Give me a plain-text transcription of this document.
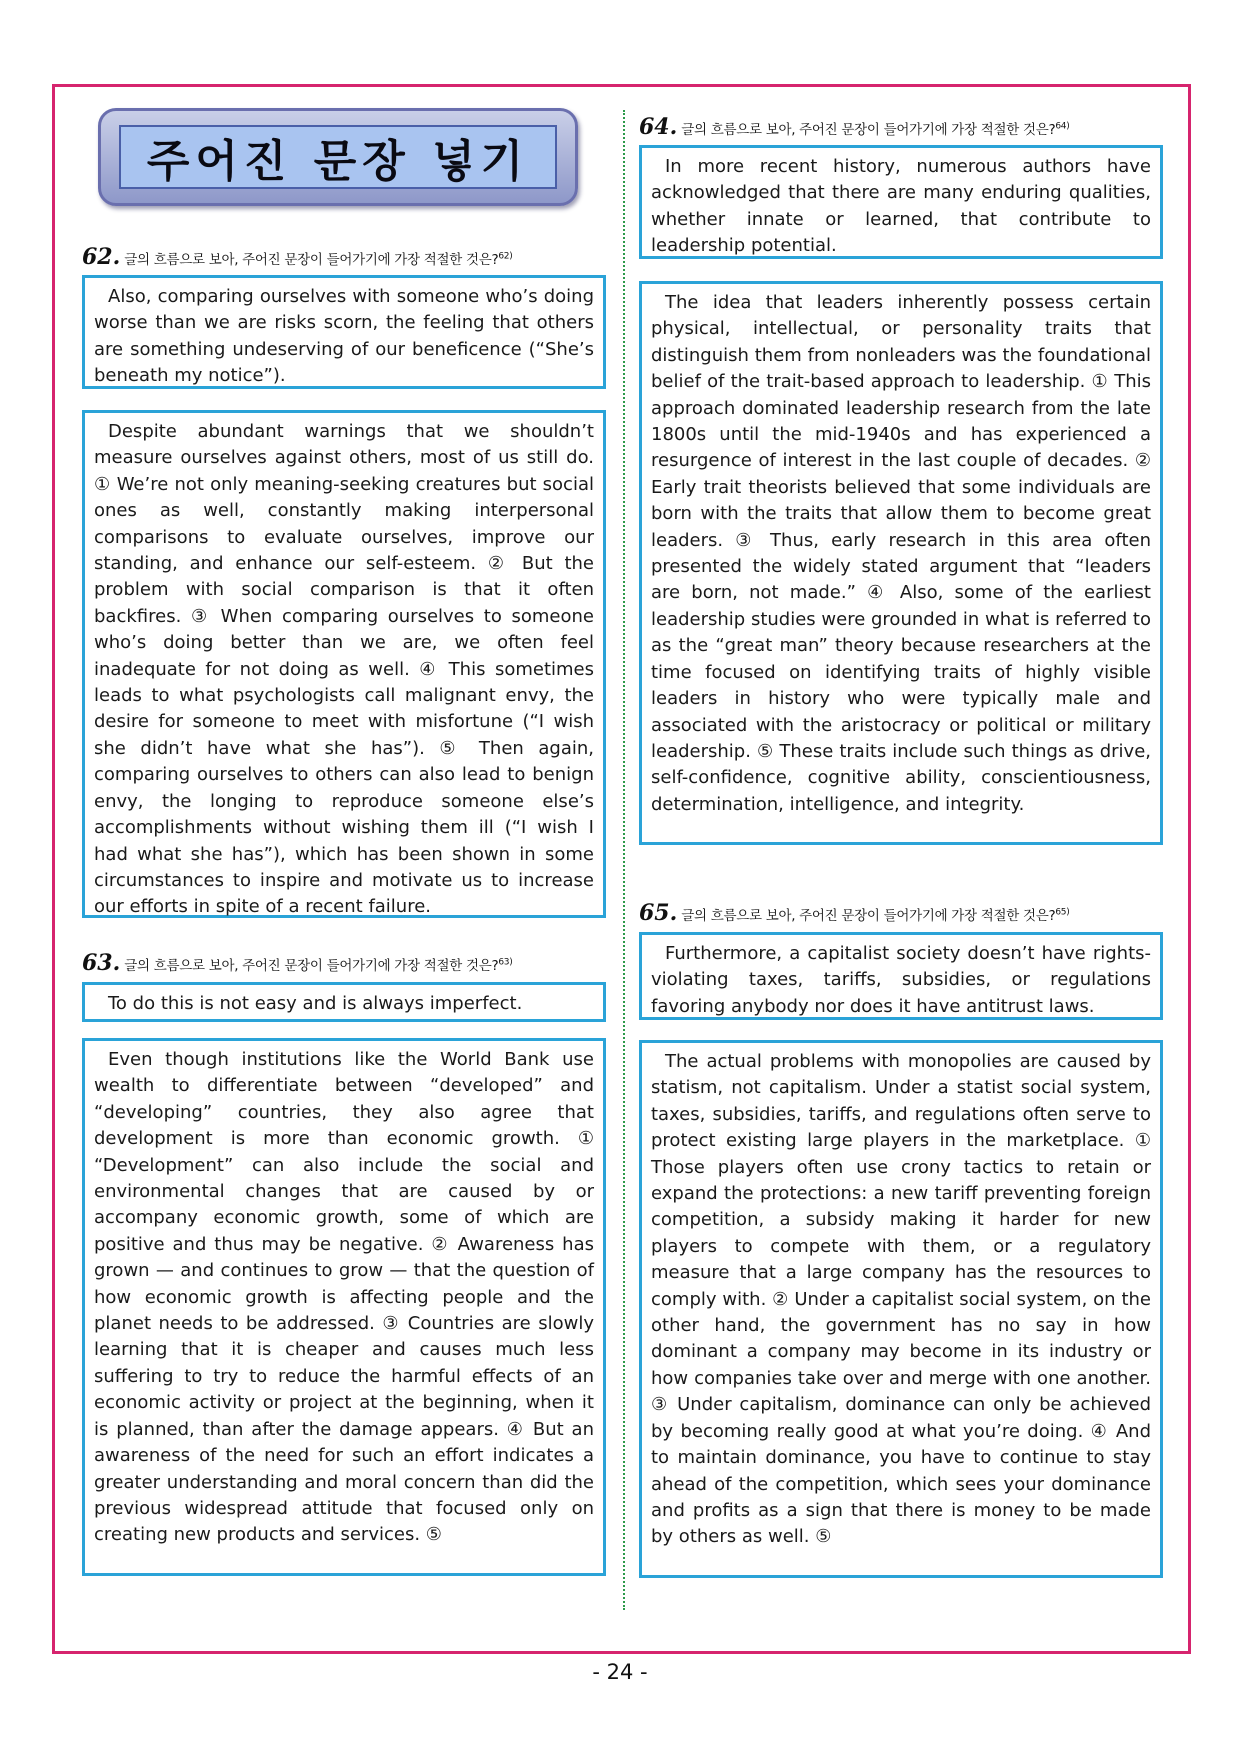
주어진 문장 넣기
62. 글의 흐름으로 보아, 주어진 문장이 들어가기에 가장 적절한 것은?$^{62)}$

Also, comparing ourselves with someone who’s doing worse than we are risks scorn, the feeling that others are something undeserving of our beneficence (“She’s beneath my notice”).

Despite abundant warnings that we shouldn’t measure ourselves against others, most of us still do. ① We’re not only meaning-seeking creatures but social ones as well, constantly making interpersonal comparisons to evaluate ourselves, improve our standing, and enhance our self-esteem. ② But the problem with social comparison is that it often backfires. ③ When comparing ourselves to someone who’s doing better than we are, we often feel inadequate for not doing as well. ④ This sometimes leads to what psychologists call malignant envy, the desire for someone to meet with misfortune (“I wish she didn’t have what she has”). ⑤ Then again, comparing ourselves to others can also lead to benign envy, the longing to reproduce someone else’s accomplishments without wishing them ill (“I wish I had what she has”), which has been shown in some circumstances to inspire and motivate us to increase our efforts in spite of a recent failure.

63. 글의 흐름으로 보아, 주어진 문장이 들어가기에 가장 적절한 것은?$^{63)}$

To do this is not easy and is always imperfect.

Even though institutions like the World Bank use wealth to differentiate between “developed” and “developing” countries, they also agree that development is more than economic growth. ① “Development” can also include the social and environmental changes that are caused by or accompany economic growth, some of which are positive and thus may be negative. ② Awareness has grown — and continues to grow — that the question of how economic growth is affecting people and the planet needs to be addressed. ③ Countries are slowly learning that it is cheaper and causes much less suffering to try to reduce the harmful effects of an economic activity or project at the beginning, when it is planned, than after the damage appears. ④ But an awareness of the need for such an effort indicates a greater understanding and moral concern than did the previous widespread attitude that focused only on creating new products and services. ⑤

64. 글의 흐름으로 보아, 주어진 문장이 들어가기에 가장 적절한 것은?$^{64)}$

In more recent history, numerous authors have acknowledged that there are many enduring qualities, whether innate or learned, that contribute to leadership potential.

The idea that leaders inherently possess certain physical, intellectual, or personality traits that distinguish them from nonleaders was the foundational belief of the trait-based approach to leadership. ① This approach dominated leadership research from the late 1800s until the mid-1940s and has experienced a resurgence of interest in the last couple of decades. ② Early trait theorists believed that some individuals are born with the traits that allow them to become great leaders. ③ Thus, early research in this area often presented the widely stated argument that “leaders are born, not made.” ④ Also, some of the earliest leadership studies were grounded in what is referred to as the “great man” theory because researchers at the time focused on identifying traits of highly visible leaders in history who were typically male and associated with the aristocracy or political or military leadership. ⑤ These traits include such things as drive, self-confidence, cognitive ability, conscientiousness, determination, intelligence, and integrity.

65. 글의 흐름으로 보아, 주어진 문장이 들어가기에 가장 적절한 것은?$^{65)}$

Furthermore, a capitalist society doesn’t have rights-violating taxes, tariffs, subsidies, or regulations favoring anybody nor does it have antitrust laws.

The actual problems with monopolies are caused by statism, not capitalism. Under a statist social system, taxes, subsidies, tariffs, and regulations often serve to protect existing large players in the marketplace. ① Those players often use crony tactics to retain or expand the protections: a new tariff preventing foreign competition, a subsidy making it harder for new players to compete with them, or a regulatory measure that a large company has the resources to comply with. ② Under a capitalist social system, on the other hand, the government has no say in how dominant a company may become in its industry or how companies take over and merge with one another. ③ Under capitalism, dominance can only be achieved by becoming really good at what you’re doing. ④ And to maintain dominance, you have to continue to stay ahead of the competition, which sees your dominance and profits as a sign that there is money to be made by others as well. ⑤

- 24 -
